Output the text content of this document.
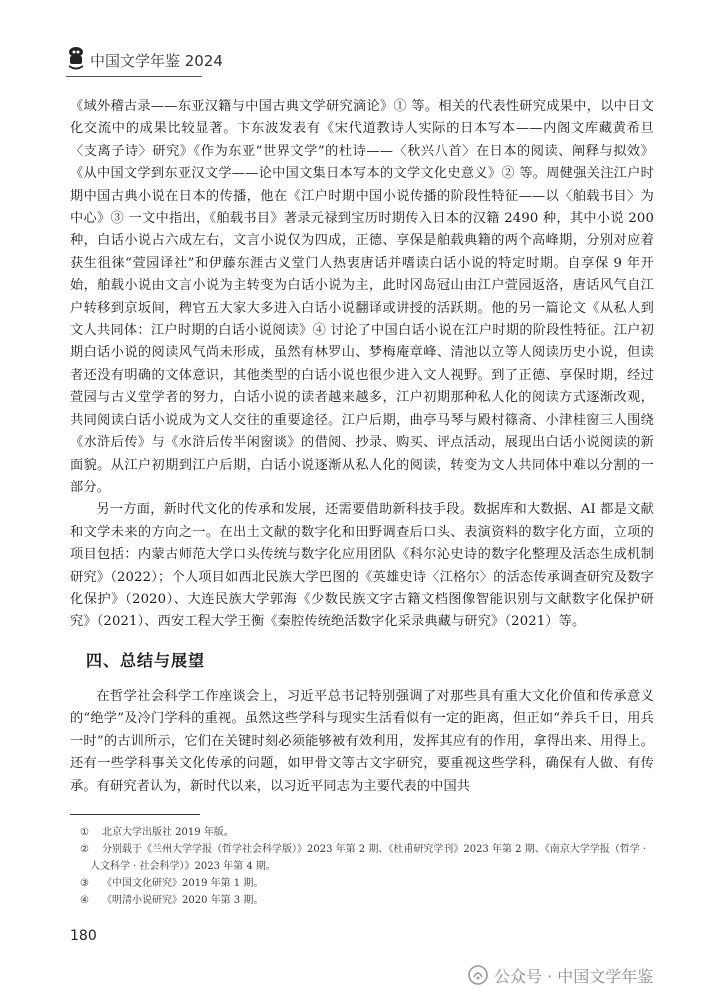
中国文学年鉴 2024

《域外稽古录——东亚汉籍与中国古典文学研究滴论》① 等。相关的代表性研究成果中，以中日文化交流中的成果比较显著。卞东波发表有《宋代道教诗人实际的日本写本——内阁文库藏黄希旦〈支离子诗〉研究》《作为东亚“世界文学”的杜诗——〈秋兴八首〉在日本的阅读、阐释与拟效》《从中国文学到东亚汉文学——论中国文集日本写本的文学文化史意义》② 等。周健强关注江户时期中国古典小说在日本的传播，他在《江户时期中国小说传播的阶段性特征——以〈舶载书目〉为中心》③ 一文中指出，《舶载书目》著录元禄到宝历时期传入日本的汉籍 2490 种，其中小说 200 种，白话小说占六成左右，文言小说仅为四成，正德、享保是舶载典籍的两个高峰期，分别对应着获生徂徕“萱园译社”和伊藤东涯古义堂门人热衷唐话并嗜读白话小说的特定时期。自享保 9 年开始，舶载小说由文言小说为主转变为白话小说为主，此时冈岛冠山由江户萱园返洛，唐话风气自江户转移到京坂间，稗官五大家大多进入白话小说翻译或讲授的活跃期。他的另一篇论文《从私人到文人共同体：江户时期的白话小说阅读》④ 讨论了中国白话小说在江户时期的阶段性特征。江户初期白话小说的阅读风气尚未形成，虽然有林罗山、梦梅庵章峰、清池以立等人阅读历史小说，但读者还没有明确的文体意识，其他类型的白话小说也很少进入文人视野。到了正德、享保时期，经过萱园与古义堂学者的努力，白话小说的读者越来越多，江户初期那种私人化的阅读方式逐渐改观，共同阅读白话小说成为文人交往的重要途径。江户后期，曲亭马琴与殿村篠斋、小津桂窗三人围绕《水浒后传》与《水浒后传半闲窗谈》的借阅、抄录、购买、评点活动，展现出白话小说阅读的新面貌。从江户初期到江户后期，白话小说逐渐从私人化的阅读，转变为文人共同体中难以分割的一部分。

另一方面，新时代文化的传承和发展，还需要借助新科技手段。数据库和大数据、AI 都是文献和文学未来的方向之一。在出土文献的数字化和田野调查后口头、表演资料的数字化方面，立项的项目包括：内蒙古师范大学口头传统与数字化应用团队《科尔沁史诗的数字化整理及活态生成机制研究》（2022）；个人项目如西北民族大学巴图的《英雄史诗〈江格尔〉的活态传承调查研究及数字化保护》（2020）、大连民族大学郭海《少数民族文字古籍文档图像智能识别与文献数字化保护研究》（2021）、西安工程大学王衡《秦腔传统绝活数字化采录典藏与研究》（2021）等。

四、总结与展望

在哲学社会科学工作座谈会上，习近平总书记特别强调了对那些具有重大文化价值和传承意义的“绝学”及冷门学科的重视。虽然这些学科与现实生活看似有一定的距离，但正如“养兵千日，用兵一时”的古训所示，它们在关键时刻必须能够被有效利用，发挥其应有的作用，拿得出来、用得上。还有一些学科事关文化传承的问题，如甲骨文等古文字研究，要重视这些学科，确保有人做、有传承。有研究者认为，新时代以来，以习近平同志为主要代表的中国共

① 北京大学出版社 2019 年版。

② 分别载于《兰州大学学报（哲学社会科学版）》2023 年第 2 期、《杜甫研究学刊》2023 年第 2 期、《南京大学学报（哲学 · 人文科学 · 社会科学）》2023 年第 4 期。

③ 《中国文化研究》2019 年第 1 期。

④ 《明清小说研究》2020 年第 3 期。

180
公众号 · 中国文学年鉴
